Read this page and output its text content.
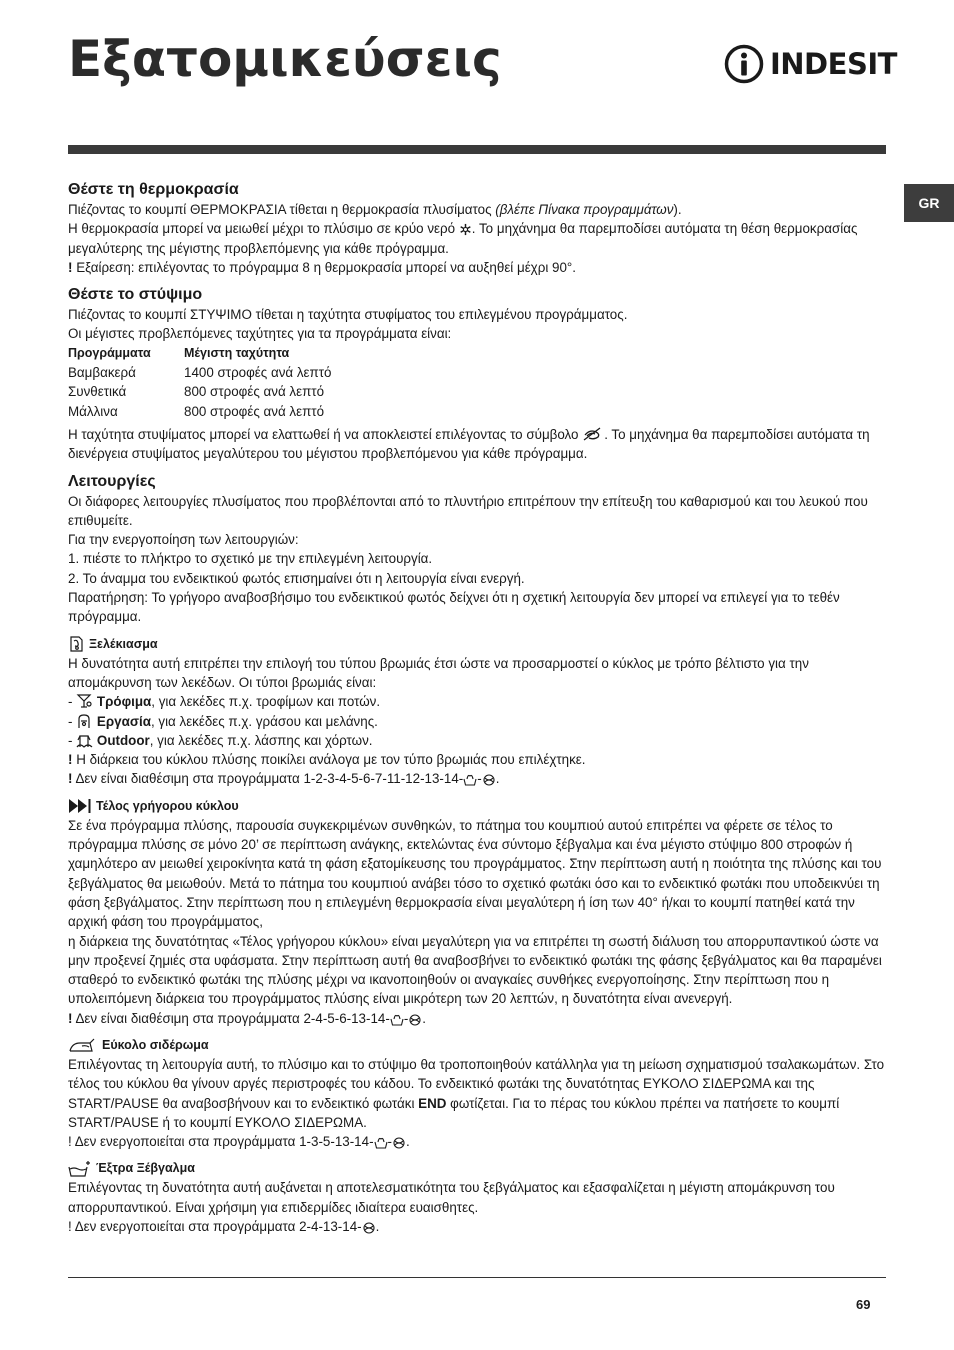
Εξατομικεύσεις	INDESIT
GR
Θέστε τη θερμοκρασία

Πιέζοντας το κουμπί ΘΕΡΜΟΚΡΑΣΙΑ τίθεται η θερμοκρασία πλυσίματος (βλέπε Πίνακα προγραμμάτων).

Η θερμοκρασία μπορεί να μειωθεί μέχρι το πλύσιμο σε κρύο νερό . Το μηχάνημα θα παρεμποδίσει αυτόματα τη θέση θερμοκρασίας μεγαλύτερης της μέγιστης προβλεπόμενης για κάθε πρόγραμμα.

! Εξαίρεση: επιλέγοντας το πρόγραμμα 8 η θερμοκρασία μπορεί να αυξηθεί μέχρι 90°.

Θέστε το στύψιμο

Πιέζοντας το κουμπί ΣΤΥΨΙΜΟ τίθεται η ταχύτητα στυφίματος του επιλεγμένου προγράμματος.

Οι μέγιστες προβλεπόμενες ταχύτητες για τα προγράμματα είναι:

Προγράμματα	Μέγιστη ταχύτητα
Βαμβακερά	1400 στροφές ανά λεπτό
Συνθετικά	800 στροφές ανά λεπτό
Μάλλινα	800 στροφές ανά λεπτό

Η ταχύτητα στυψίματος μπορεί να ελαττωθεί ή να αποκλειστεί επιλέγοντας το σύμβολο . Το μηχάνημα θα παρεμποδίσει αυτόματα τη διενέργεια στυψίματος μεγαλύτερου του μέγιστου προβλεπόμενου για κάθε πρόγραμμα.

Λειτουργίες

Οι διάφορες λειτουργίες πλυσίματος που προβλέπονται από το πλυντήριο επιτρέπουν την επίτευξη του καθαρισμού και του λευκού που επιθυμείτε.

Για την ενεργοποίηση των λειτουργιών:

1. πιέστε το πλήκτρο το σχετικό με την επιλεγμένη λειτουργία.

2. Το άναμμα του ενδεικτικού φωτός επισημαίνει ότι η λειτουργία είναι ενεργή.

Παρατήρηση: Το γρήγορο αναβοσβήσιμο του ενδεικτικού φωτός δείχνει ότι η σχετική λειτουργία δεν μπορεί να επιλεγεί για το τεθέν πρόγραμμα.

Ξελέκιασμα

Η δυνατότητα αυτή επιτρέπει την επιλογή του τύπου βρωμιάς έτσι ώστε να προσαρμοστεί ο κύκλος με τρόπο βέλτιστο για την απομάκρυνση των λεκέδων. Οι τύποι βρωμιάς είναι:

-  Τρόφιμα, για λεκέδες π.χ. τροφίμων και ποτών.

-  Εργασία, για λεκέδες π.χ. γράσου και μελάνης.

-  Outdoor, για λεκέδες π.χ. λάσπης και χόρτων.

! Η διάρκεια του κύκλου πλύσης ποικίλει ανάλογα με τον τύπο βρωμιάς που επιλέχτηκε.

! Δεν είναι διαθέσιμη στα προγράμματα 1-2-3-4-5-6-7-11-12-13-14- - .

Τέλος γρήγορου κύκλου

Σε ένα πρόγραμμα πλύσης, παρουσία συγκεκριμένων συνθηκών, το πάτημα του κουμπιού αυτού επιτρέπει να φέρετε σε τέλος το πρόγραμμα πλύσης σε μόνο 20’ σε περίπτωση ανάγκης, εκτελώντας ένα σύντομο ξέβγαλμα και ένα μέγιστο στύψιμο 800 στροφών ή χαμηλότερο αν μειωθεί χειροκίνητα κατά τη φάση εξατομίκευσης του προγράμματος. Στην περίπτωση αυτή η ποιότητα της πλύσης και του ξεβγάλματος θα μειωθούν. Μετά το πάτημα του κουμπιού ανάβει τόσο το σχετικό φωτάκι όσο και το ενδεικτικό φωτάκι που υποδεικνύει τη φάση ξεβγάλματος. Στην περίπτωση που η επιλεγμένη θερμοκρασία είναι μεγαλύτερη ή ίση των 40° ή/και το κουμπί πατηθεί κατά την αρχική φάση του προγράμματος,

η διάρκεια της δυνατότητας «Τέλος γρήγορου κύκλου» είναι μεγαλύτερη για να επιτρέπει τη σωστή διάλυση του απορρυπαντικού ώστε να μην προξενεί ζημιές στα υφάσματα. Στην περίπτωση αυτή θα αναβοσβήνει το ενδεικτικό φωτάκι της φάσης ξεβγάλματος και θα παραμένει σταθερό το ενδεικτικό φωτάκι της πλύσης μέχρι να ικανοποιηθούν οι αναγκαίες συνθήκες ενεργοποίησης. Στην περίπτωση που η υπολειπόμενη διάρκεια του προγράμματος πλύσης είναι μικρότερη των 20 λεπτών, η δυνατότητα είναι ανενεργή.

! Δεν είναι διαθέσιμη στα προγράμματα 2-4-5-6-13-14- - .

Εύκολο σιδέρωμα

Επιλέγοντας τη λειτουργία αυτή, το πλύσιμο και το στύψιμο θα τροποποιηθούν κατάλληλα για τη μείωση σχηματισμού τσαλακωμάτων. Στο τέλος του κύκλου θα γίνουν αργές περιστροφές του κάδου. Το ενδεικτικό φωτάκι της δυνατότητας ΕΥΚΟΛΟ ΣΙΔΕΡΩΜΑ και της START/PAUSE θα αναβοσβήνουν και το ενδεικτικό φωτάκι END φωτίζεται. Για το πέρας του κύκλου πρέπει να πατήσετε το κουμπί START/PAUSE ή το κουμπί ΕΥΚΟΛΟ ΣΙΔΕΡΩΜΑ.

! Δεν ενεργοποιείται στα προγράμματα 1-3-5-13-14- - .

Έξτρα Ξέβγαλμα

Επιλέγοντας τη δυνατότητα αυτή αυξάνεται η αποτελεσματικότητα του ξεβγάλματος και εξασφαλίζεται η μέγιστη απομάκρυνση του απορρυπαντικού. Είναι χρήσιμη για επιδερμίδες ιδιαίτερα ευαισθητες.

! Δεν ενεργοποιείται στα προγράμματα 2-4-13-14- .

69
